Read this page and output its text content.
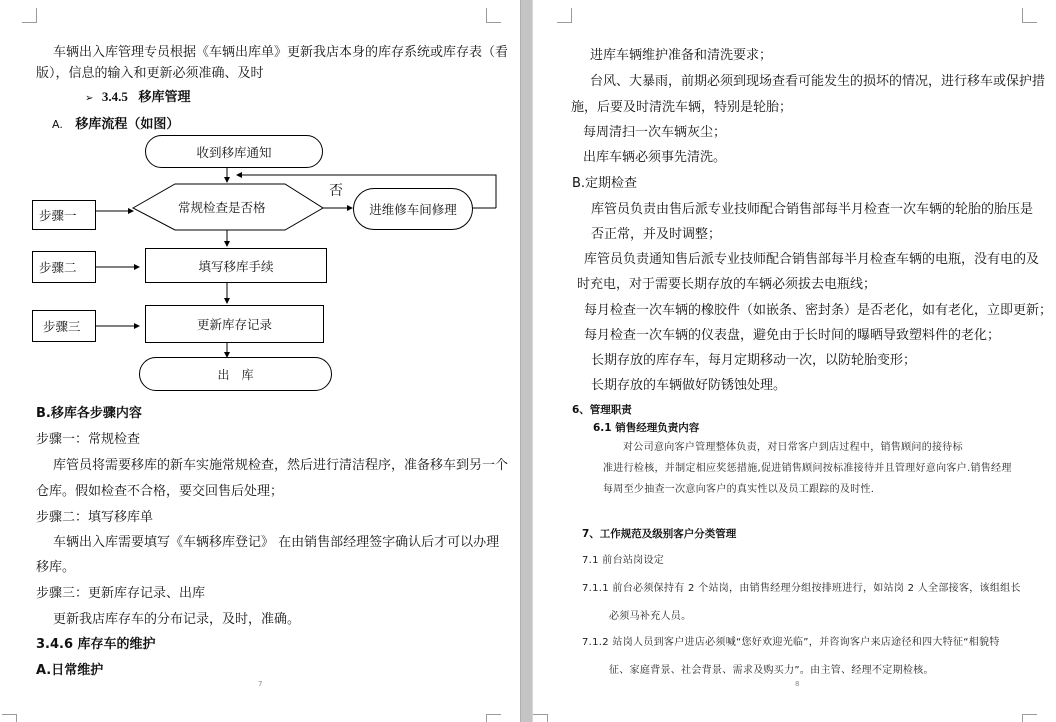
车辆出入库管理专员根据《车辆出库单》更新我店本身的库存系统或库存表（看
版），信息的输入和更新必须准确、及时
➢ 3.4.5 移库管理
A. 移库流程（如图）
收到移库通知
常规检查是否格
否
进维修车间修理
填写移库手续
更新库存记录
出　库
步骤一
步骤二
步骤三
B.移库各步骤内容
步骤一：常规检查
库管员将需要移库的新车实施常规检查，然后进行清洁程序，准备移车到另一个
仓库。假如检查不合格，要交回售后处理；
步骤二：填写移库单
车辆出入库需要填写《车辆移库登记》 在由销售部经理签字确认后才可以办理
移库。
步骤三：更新库存记录、出库
更新我店库存车的分布记录，及时，准确。
3.4.6 库存车的维护
A.日常维护
7
进库车辆维护准备和清洗要求；
台风、大暴雨，前期必须到现场查看可能发生的损坏的情况，进行移车或保护措
施，后要及时清洗车辆，特别是轮胎；
每周清扫一次车辆灰尘；
出库车辆必须事先清洗。
B.定期检查
库管员负责由售后派专业技师配合销售部每半月检查一次车辆的轮胎的胎压是
否正常，并及时调整；
库管员负责通知售后派专业技师配合销售部每半月检查车辆的电瓶，没有电的及
时充电，对于需要长期存放的车辆必须拔去电瓶线；
每月检查一次车辆的橡胶件（如嵌条、密封条）是否老化，如有老化，立即更新；
每月检查一次车辆的仪表盘，避免由于长时间的曝晒导致塑料件的老化；
长期存放的库存车，每月定期移动一次，以防轮胎变形；
长期存放的车辆做好防锈蚀处理。
6、管理职责
6.1 销售经理负责内容
对公司意向客户管理整体负责，对日常客户到店过程中，销售顾问的接待标
准进行检核，并制定相应奖惩措施,促进销售顾问按标准接待并且管理好意向客户.销售经理
每周至少抽查一次意向客户的真实性以及员工跟踪的及时性.
7、工作规范及级别客户分类管理
7.1 前台站岗设定
7.1.1 前台必须保持有 2 个站岗，由销售经理分组按排班进行，如站岗 2 人全部接客，该组组长
必须马补充人员。
7.1.2 站岗人员到客户进店必须喊“您好欢迎光临”，并咨询客户来店途径和四大特征“相貌特
征、家庭背景、社会背景、需求及购买力”。由主管、经理不定期检核。
8
